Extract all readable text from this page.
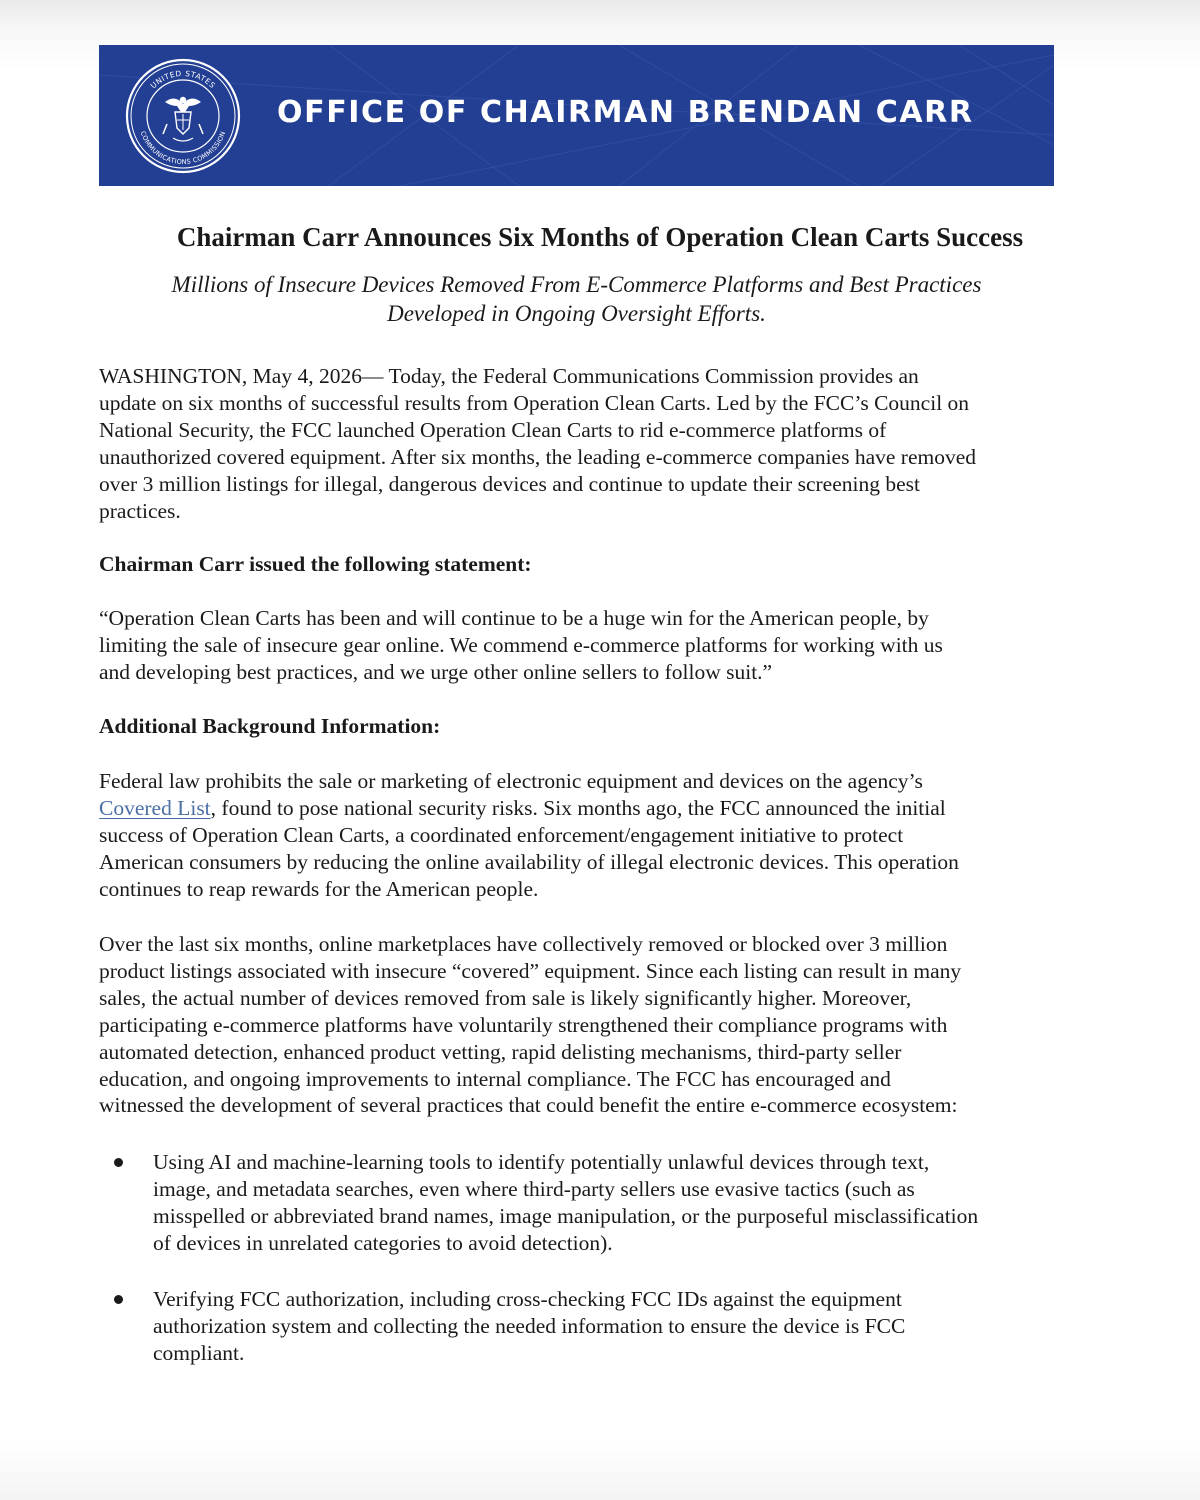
UNITED STATES
COMMUNICATIONS COMMISSION
OFFICE OF CHAIRMAN BRENDAN CARR
Chairman Carr Announces Six Months of Operation Clean Carts Success
Millions of Insecure Devices Removed From E-Commerce Platforms and Best Practices
Developed in Ongoing Oversight Efforts.
WASHINGTON, May 4, 2026— Today, the Federal Communications Commission provides an
update on six months of successful results from Operation Clean Carts. Led by the FCC’s Council on
National Security, the FCC launched Operation Clean Carts to rid e-commerce platforms of
unauthorized covered equipment. After six months, the leading e-commerce companies have removed
over 3 million listings for illegal, dangerous devices and continue to update their screening best
practices.
Chairman Carr issued the following statement:
“Operation Clean Carts has been and will continue to be a huge win for the American people, by
limiting the sale of insecure gear online. We commend e-commerce platforms for working with us
and developing best practices, and we urge other online sellers to follow suit.”
Additional Background Information:
Federal law prohibits the sale or marketing of electronic equipment and devices on the agency’s
Covered List, found to pose national security risks. Six months ago, the FCC announced the initial
success of Operation Clean Carts, a coordinated enforcement/engagement initiative to protect
American consumers by reducing the online availability of illegal electronic devices. This operation
continues to reap rewards for the American people.
Over the last six months, online marketplaces have collectively removed or blocked over 3 million
product listings associated with insecure “covered” equipment. Since each listing can result in many
sales, the actual number of devices removed from sale is likely significantly higher. Moreover,
participating e-commerce platforms have voluntarily strengthened their compliance programs with
automated detection, enhanced product vetting, rapid delisting mechanisms, third-party seller
education, and ongoing improvements to internal compliance. The FCC has encouraged and
witnessed the development of several practices that could benefit the entire e-commerce ecosystem:
Using AI and machine-learning tools to identify potentially unlawful devices through text,
image, and metadata searches, even where third-party sellers use evasive tactics (such as
misspelled or abbreviated brand names, image manipulation, or the purposeful misclassification
of devices in unrelated categories to avoid detection).
Verifying FCC authorization, including cross-checking FCC IDs against the equipment
authorization system and collecting the needed information to ensure the device is FCC
compliant.
